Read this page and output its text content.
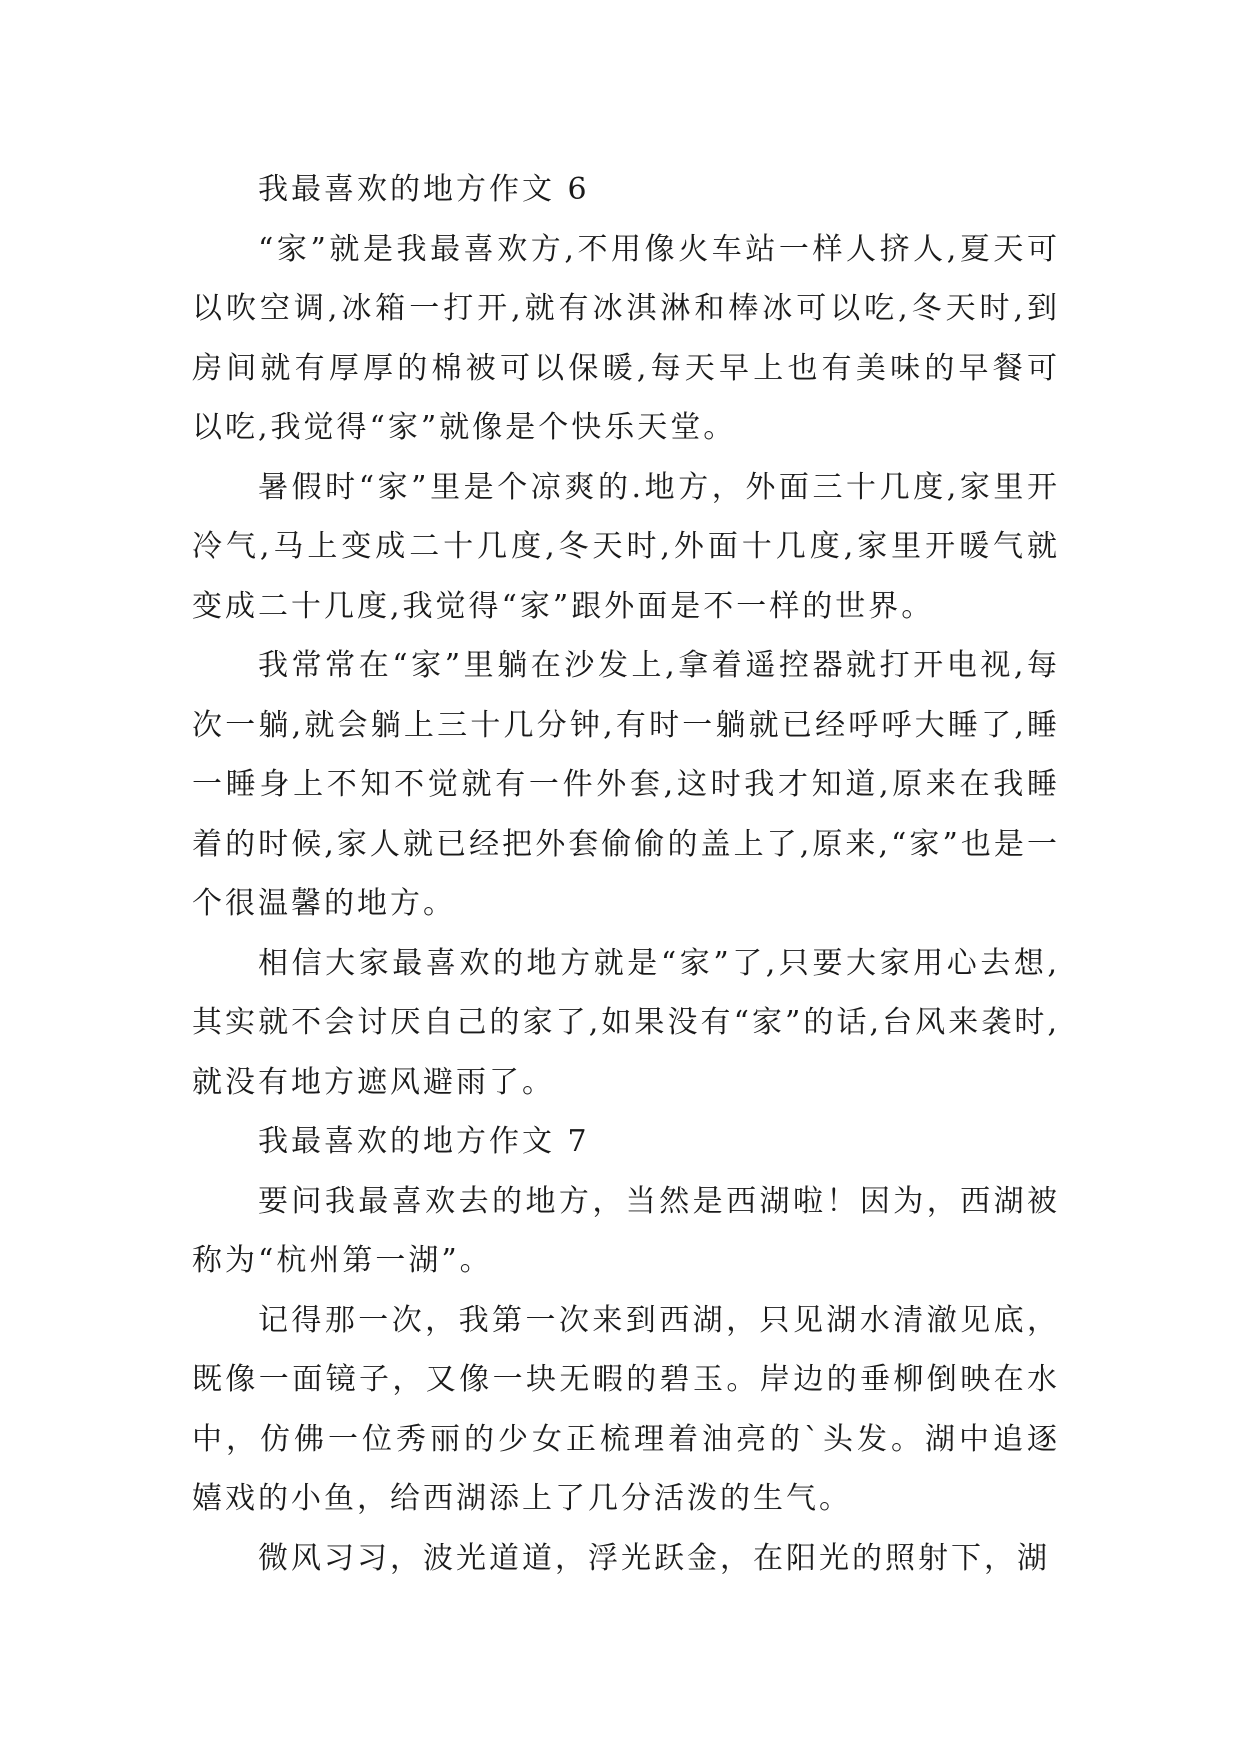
我最喜欢的地方作文 6

“家”就是我最喜欢方,不用像火车站一样人挤人,夏天可以吹空调,冰箱一打开,就有冰淇淋和棒冰可以吃,冬天时,到房间就有厚厚的棉被可以保暖,每天早上也有美味的早餐可以吃,我觉得“家”就像是个快乐天堂。

暑假时“家”里是个凉爽的.地方，外面三十几度,家里开冷气,马上变成二十几度,冬天时,外面十几度,家里开暖气就变成二十几度,我觉得“家”跟外面是不一样的世界。

我常常在“家”里躺在沙发上,拿着遥控器就打开电视,每次一躺,就会躺上三十几分钟,有时一躺就已经呼呼大睡了,睡一睡身上不知不觉就有一件外套,这时我才知道,原来在我睡着的时候,家人就已经把外套偷偷的盖上了,原来,“家”也是一个很温馨的地方。

相信大家最喜欢的地方就是“家”了,只要大家用心去想,其实就不会讨厌自己的家了,如果没有“家”的话,台风来袭时,就没有地方遮风避雨了。

我最喜欢的地方作文 7

要问我最喜欢去的地方，当然是西湖啦！因为，西湖被称为“杭州第一湖”。

记得那一次，我第一次来到西湖，只见湖水清澈见底，既像一面镜子，又像一块无暇的碧玉。岸边的垂柳倒映在水中，仿佛一位秀丽的少女正梳理着油亮的`头发。湖中追逐嬉戏的小鱼，给西湖添上了几分活泼的生气。

微风习习，波光道道，浮光跃金，在阳光的照射下，湖
